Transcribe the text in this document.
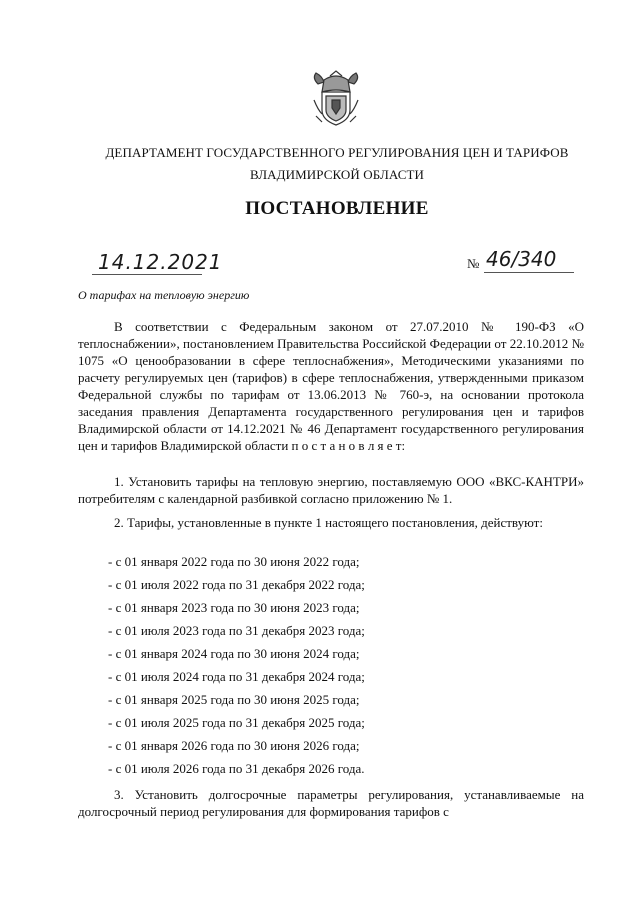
ДЕПАРТАМЕНТ ГОСУДАРСТВЕННОГО РЕГУЛИРОВАНИЯ ЦЕН И ТАРИФОВ
ВЛАДИМИРСКОЙ ОБЛАСТИ
ПОСТАНОВЛЕНИЕ
14.12.2021	№ 46/340
О тарифах на тепловую энергию
В соответствии с Федеральным законом от 27.07.2010 № 190-ФЗ «О теплоснабжении», постановлением Правительства Российской Федерации от 22.10.2012 № 1075 «О ценообразовании в сфере теплоснабжения», Методическими указаниями по расчету регулируемых цен (тарифов) в сфере теплоснабжения, утвержденными приказом Федеральной службы по тарифам от 13.06.2013 № 760-э, на основании протокола заседания правления Департамента государственного регулирования цен и тарифов Владимирской области от 14.12.2021 № 46 Департамент государственного регулирования цен и тарифов Владимирской области п о с т а н о в л я е т:
1. Установить тарифы на тепловую энергию, поставляемую ООО «ВКС-КАНТРИ» потребителям с календарной разбивкой согласно приложению № 1.
2. Тарифы, установленные в пункте 1 настоящего постановления, действуют:
- с 01 января 2022 года по 30 июня 2022 года;
- с 01 июля 2022 года по 31 декабря 2022 года;
- с 01 января 2023 года по 30 июня 2023 года;
- с 01 июля 2023 года по 31 декабря 2023 года;
- с 01 января 2024 года по 30 июня 2024 года;
- с 01 июля 2024 года по 31 декабря 2024 года;
- с 01 января 2025 года по 30 июня 2025 года;
- с 01 июля 2025 года по 31 декабря 2025 года;
- с 01 января 2026 года по 30 июня 2026 года;
- с 01 июля 2026 года по 31 декабря 2026 года.
3. Установить долгосрочные параметры регулирования, устанавливаемые на долгосрочный период регулирования для формирования тарифов с
